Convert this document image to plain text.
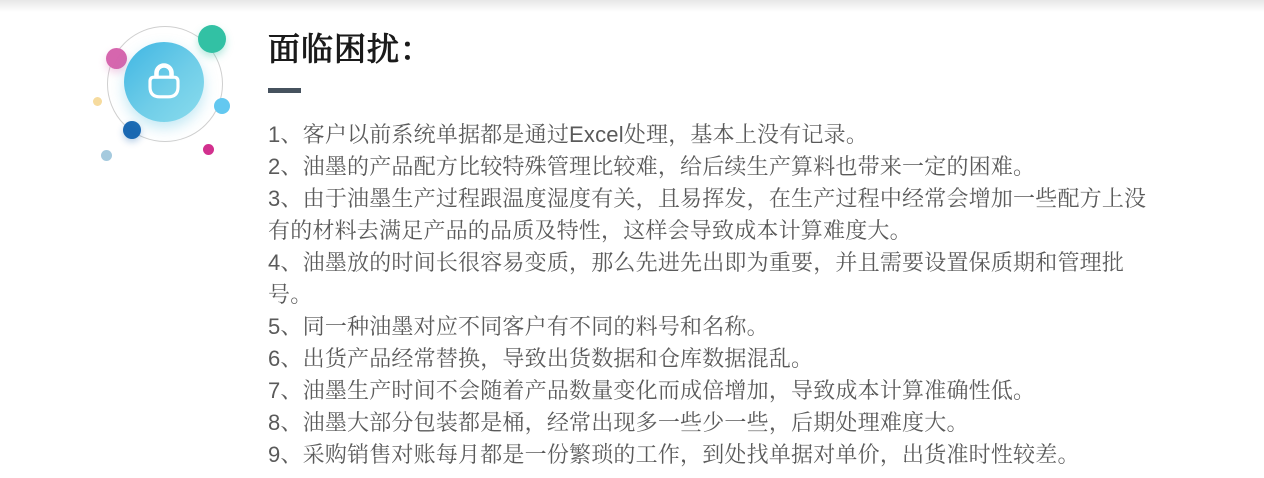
面临困扰：

1、客户以前系统单据都是通过Excel处理，基本上没有记录。

2、油墨的产品配方比较特殊管理比较难，给后续生产算料也带来一定的困难。

3、由于油墨生产过程跟温度湿度有关，且易挥发，在生产过程中经常会增加一些配方上没有的材料去满足产品的品质及特性，这样会导致成本计算难度大。

4、油墨放的时间长很容易变质，那么先进先出即为重要，并且需要设置保质期和管理批号。

5、同一种油墨对应不同客户有不同的料号和名称。

6、出货产品经常替换，导致出货数据和仓库数据混乱。

7、油墨生产时间不会随着产品数量变化而成倍增加，导致成本计算准确性低。

8、油墨大部分包装都是桶，经常出现多一些少一些，后期处理难度大。

9、采购销售对账每月都是一份繁琐的工作，到处找单据对单价，出货准时性较差。
